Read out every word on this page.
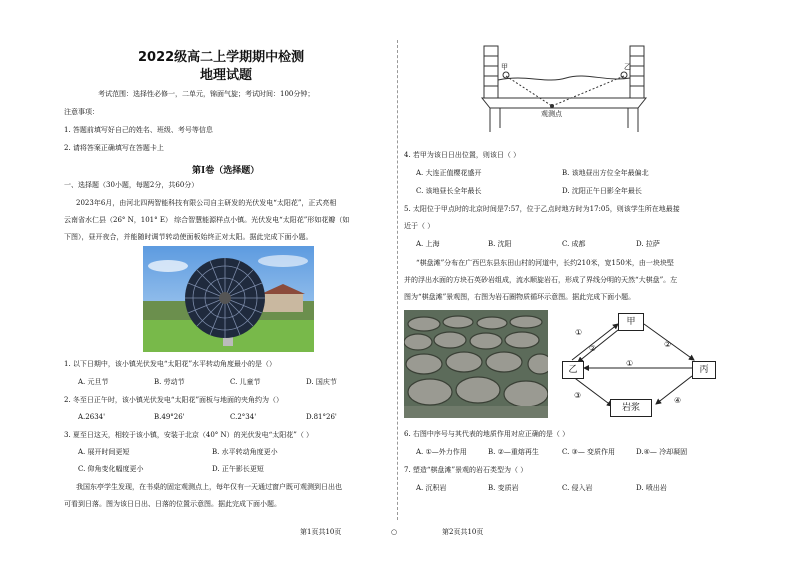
2022级高二上学期期中检测
地理试题
考试范围：选择性必修一，二单元，锦面气旋；考试时间：100分钟；
注意事项：
1. 答题前填写好自己的姓名、班级、考号等信息
2. 请将答案正确填写在答题卡上
第I卷（选择题）
一、选择题（30小题，每题2分，共60分）
2023年6月，由河北四两智能科技有限公司自主研发的光伏发电“太阳花”，正式亮相
云南省水仁县（26° N，101° E） 综合智慧能源样点小镇。光伏发电“太阳花”形如花瓣（如
下图），昼开夜合，并能随时调节转动使面板始终正对太阳。据此完成下面小题。
1. 以下日期中，该小镇光伏发电“太阳花”水平转动角度最小的是（）
A. 元旦节	B. 劳动节	C. 儿童节	D. 国庆节
2. 冬至日正午时，该小镇光伏发电“太阳花”面板与地面的夹角约为（）
A.2634'	B.49°26'	C.2°34'	D.81°26'
3. 夏至日这天，相较于该小镇，安装于北京（40° N）的光伏发电“太阳花”（ ）
A. 展开时间更短	B. 水平转动角度更小
C. 仰角变化幅度更小	D. 正午影长更短
我国东亭学生发现，在书桌的固定观测点上，每年仅有一天通过窗户既可观测到日出也
可看到日落。图为该日日出、日落的位置示意图。据此完成下面小题。
第1页共10页	○
甲	乙
观测点
4. 若甲为该日日出位置，则该日（ ）
A. 大连正值樱花盛开	B. 该地昼出方位全年最偏北
C. 该地昼长全年最长	D. 沈阳正午日影全年最长
5. 太阳位于甲点时的北京时间是7:57，位于乙点时地方时为17:05，则该学生所在地最接
近于（ ）
A. 上海	B. 沈阳	C. 成都	D. 拉萨
“棋盘滩”分布在广西巴东县东田山村的河道中，长约210米，宽150米，由一块块堅
并的浮出水面的方块石英砂岩组成，流水顺旋岩石，形成了界线分明的天然“大棋盘”。左
图为“棋盘滩”景观图，右图为岩石圈物质循环示意图。据此完成下面小题。
甲
乙	丙
岩浆
①
②	②
①
③
④
6. 右图中序号与其代表的地质作用对应正确的是（ ）
A. ①—外力作用	B. ②—重熔再生	C. ③— 变质作用	D.④— 冷却凝固
7. 塑造“棋盘滩”景观的岩石类型为（ ）
A. 沉积岩	B. 变质岩	C. 侵入岩	D. 喷出岩
第2页共10页
